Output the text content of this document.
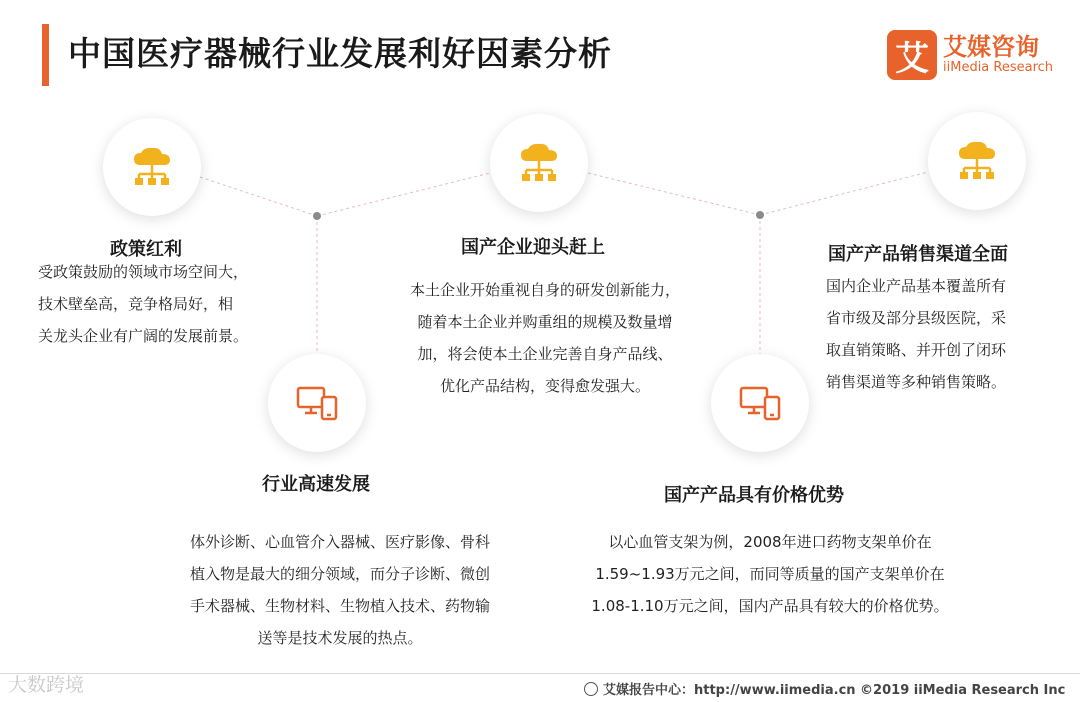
中国医疗器械行业发展利好因素分析	艾 艾媒咨询
iiMedia Research
政策红利
受政策鼓励的领域市场空间大，
技术壁垒高，竞争格局好，相
关龙头企业有广阔的发展前景。
国产企业迎头赶上
本土企业开始重视自身的研发创新能力，
随着本土企业并购重组的规模及数量增
加，将会使本土企业完善自身产品线、
优化产品结构，变得愈发强大。
国产产品销售渠道全面
国内企业产品基本覆盖所有
省市级及部分县级医院，采
取直销策略、并开创了闭环
销售渠道等多种销售策略。
行业高速发展
体外诊断、心血管介入器械、医疗影像、骨科
植入物是最大的细分领域，而分子诊断、微创
手术器械、生物材料、生物植入技术、药物输
送等是技术发展的热点。
国产产品具有价格优势
以心血管支架为例，2008年进口药物支架单价在
1.59~1.93万元之间，而同等质量的国产支架单价在
1.08-1.10万元之间，国内产品具有较大的价格优势。
大数跨境	艾媒报告中心：http://www.iimedia.cn ©2019 iiMedia Research Inc
